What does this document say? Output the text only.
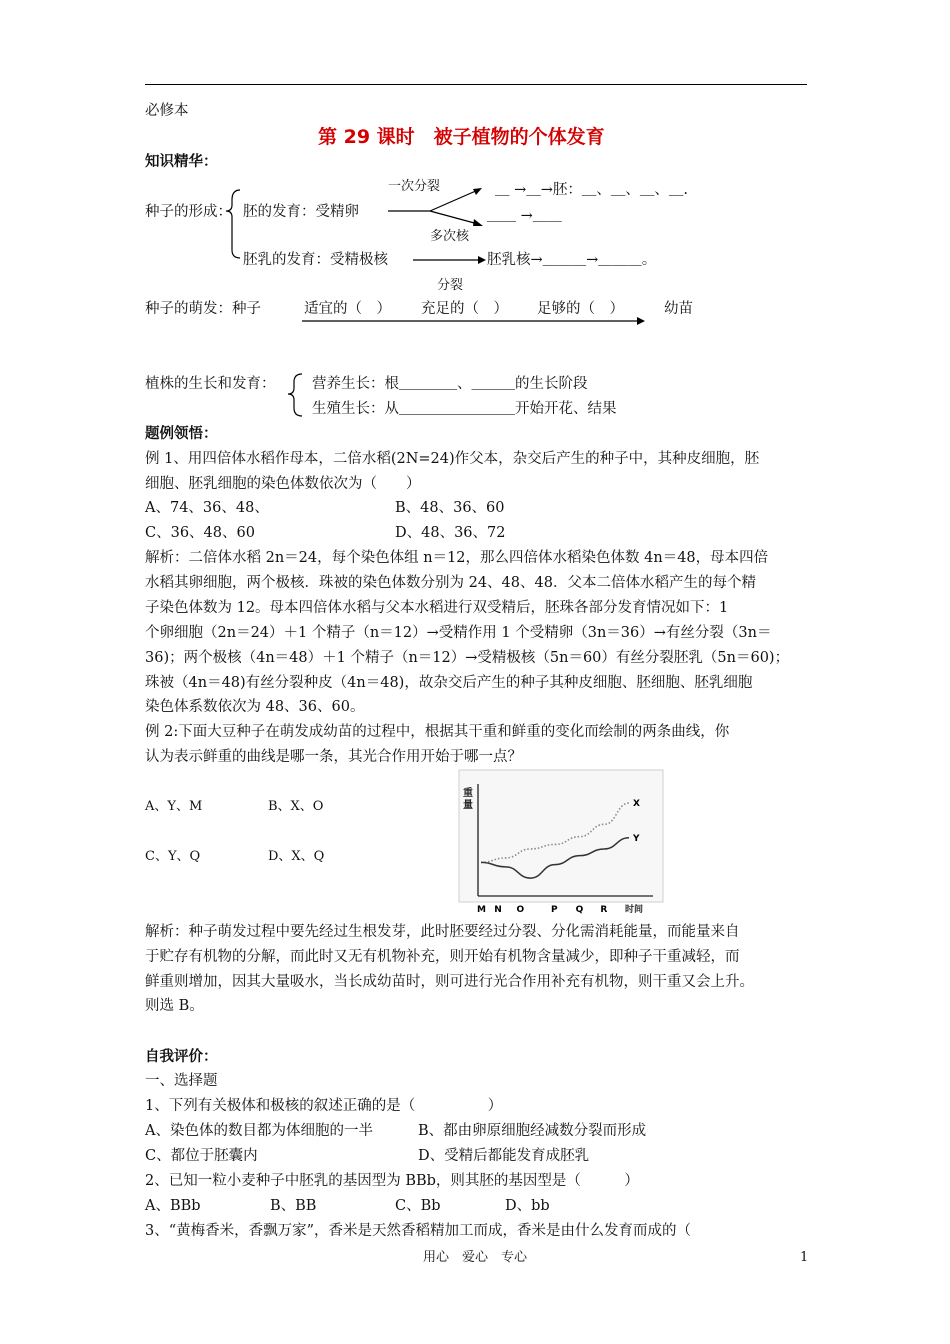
必修本
第 29 课时　被子植物的个体发育
知识精华：
一次分裂	＿ →＿→胚：＿、＿、＿、＿.
种子的形成： 胚的发育：受精卵	＿＿ →＿＿
多次核
胚乳的发育：受精极核	胚乳核→＿＿＿→＿＿＿。
分裂
种子的萌发：种子	适宜的（　） 充足的（　） 足够的（　）	幼苗
植株的生长和发育：	营养生长：根＿＿＿＿、＿＿＿的生长阶段
生殖生长：从＿＿＿＿＿＿＿＿开始开花、结果
题例领悟：
例 1、用四倍体水稻作母本，二倍水稻(2N=24)作父本，杂交后产生的种子中，其种皮细胞，胚
细胞、胚乳细胞的染色体数依次为（　　）
A、74、36、48、	B、48、36、60
C、36、48、60	D、48、36、72
解析：二倍体水稻 2n＝24，每个染色体组 n＝12，那么四倍体水稻染色体数 4n＝48，母本四倍
水稻其卵细胞，两个极核．珠被的染色体数分别为 24、48、48．父本二倍体水稻产生的每个精
子染色体数为 12。母本四倍体水稻与父本水稻进行双受精后，胚珠各部分发育情况如下：1
个卵细胞（2n＝24）＋1 个精子（n＝12）→受精作用 1 个受精卵（3n＝36）→有丝分裂（3n＝
36)；两个极核（4n＝48）＋1 个精子（n＝12）→受精极核（5n＝60）有丝分裂胚乳（5n＝60)；
珠被（4n＝48)有丝分裂种皮（4n＝48)，故杂交后产生的种子其种皮细胞、胚细胞、胚乳细胞
染色体系数依次为 48、36、60。
例 2:下面大豆种子在萌发成幼苗的过程中，根据其干重和鲜重的变化而绘制的两条曲线，你
认为表示鲜重的曲线是哪一条，其光合作用开始于哪一点？
A、Y、M	B、X、O
C、Y、Q	D、X、Q
重
量	X
Y
M N O	P Q R 时间
解析：种子萌发过程中要先经过生根发芽，此时胚要经过分裂、分化需消耗能量，而能量来自
于贮存有机物的分解，而此时又无有机物补充，则开始有机物含量减少，即种子干重减轻，而
鲜重则增加，因其大量吸水，当长成幼苗时，则可进行光合作用补充有机物，则干重又会上升。
则选 B。
自我评价：
一、选择题
1、下列有关极体和极核的叙述正确的是（　　　　　）
A、染色体的数目都为体细胞的一半	B、都由卵原细胞经减数分裂而形成
C、都位于胚囊内	D、受精后都能发育成胚乳
2、已知一粒小麦种子中胚乳的基因型为 BBb，则其胚的基因型是（　　　）
A、BBb	B、BB	C、Bb	D、bb
3、“黄梅香米，香飘万家”，香米是天然香稻精加工而成，香米是由什么发育而成的（
用心　爱心　专心	1
